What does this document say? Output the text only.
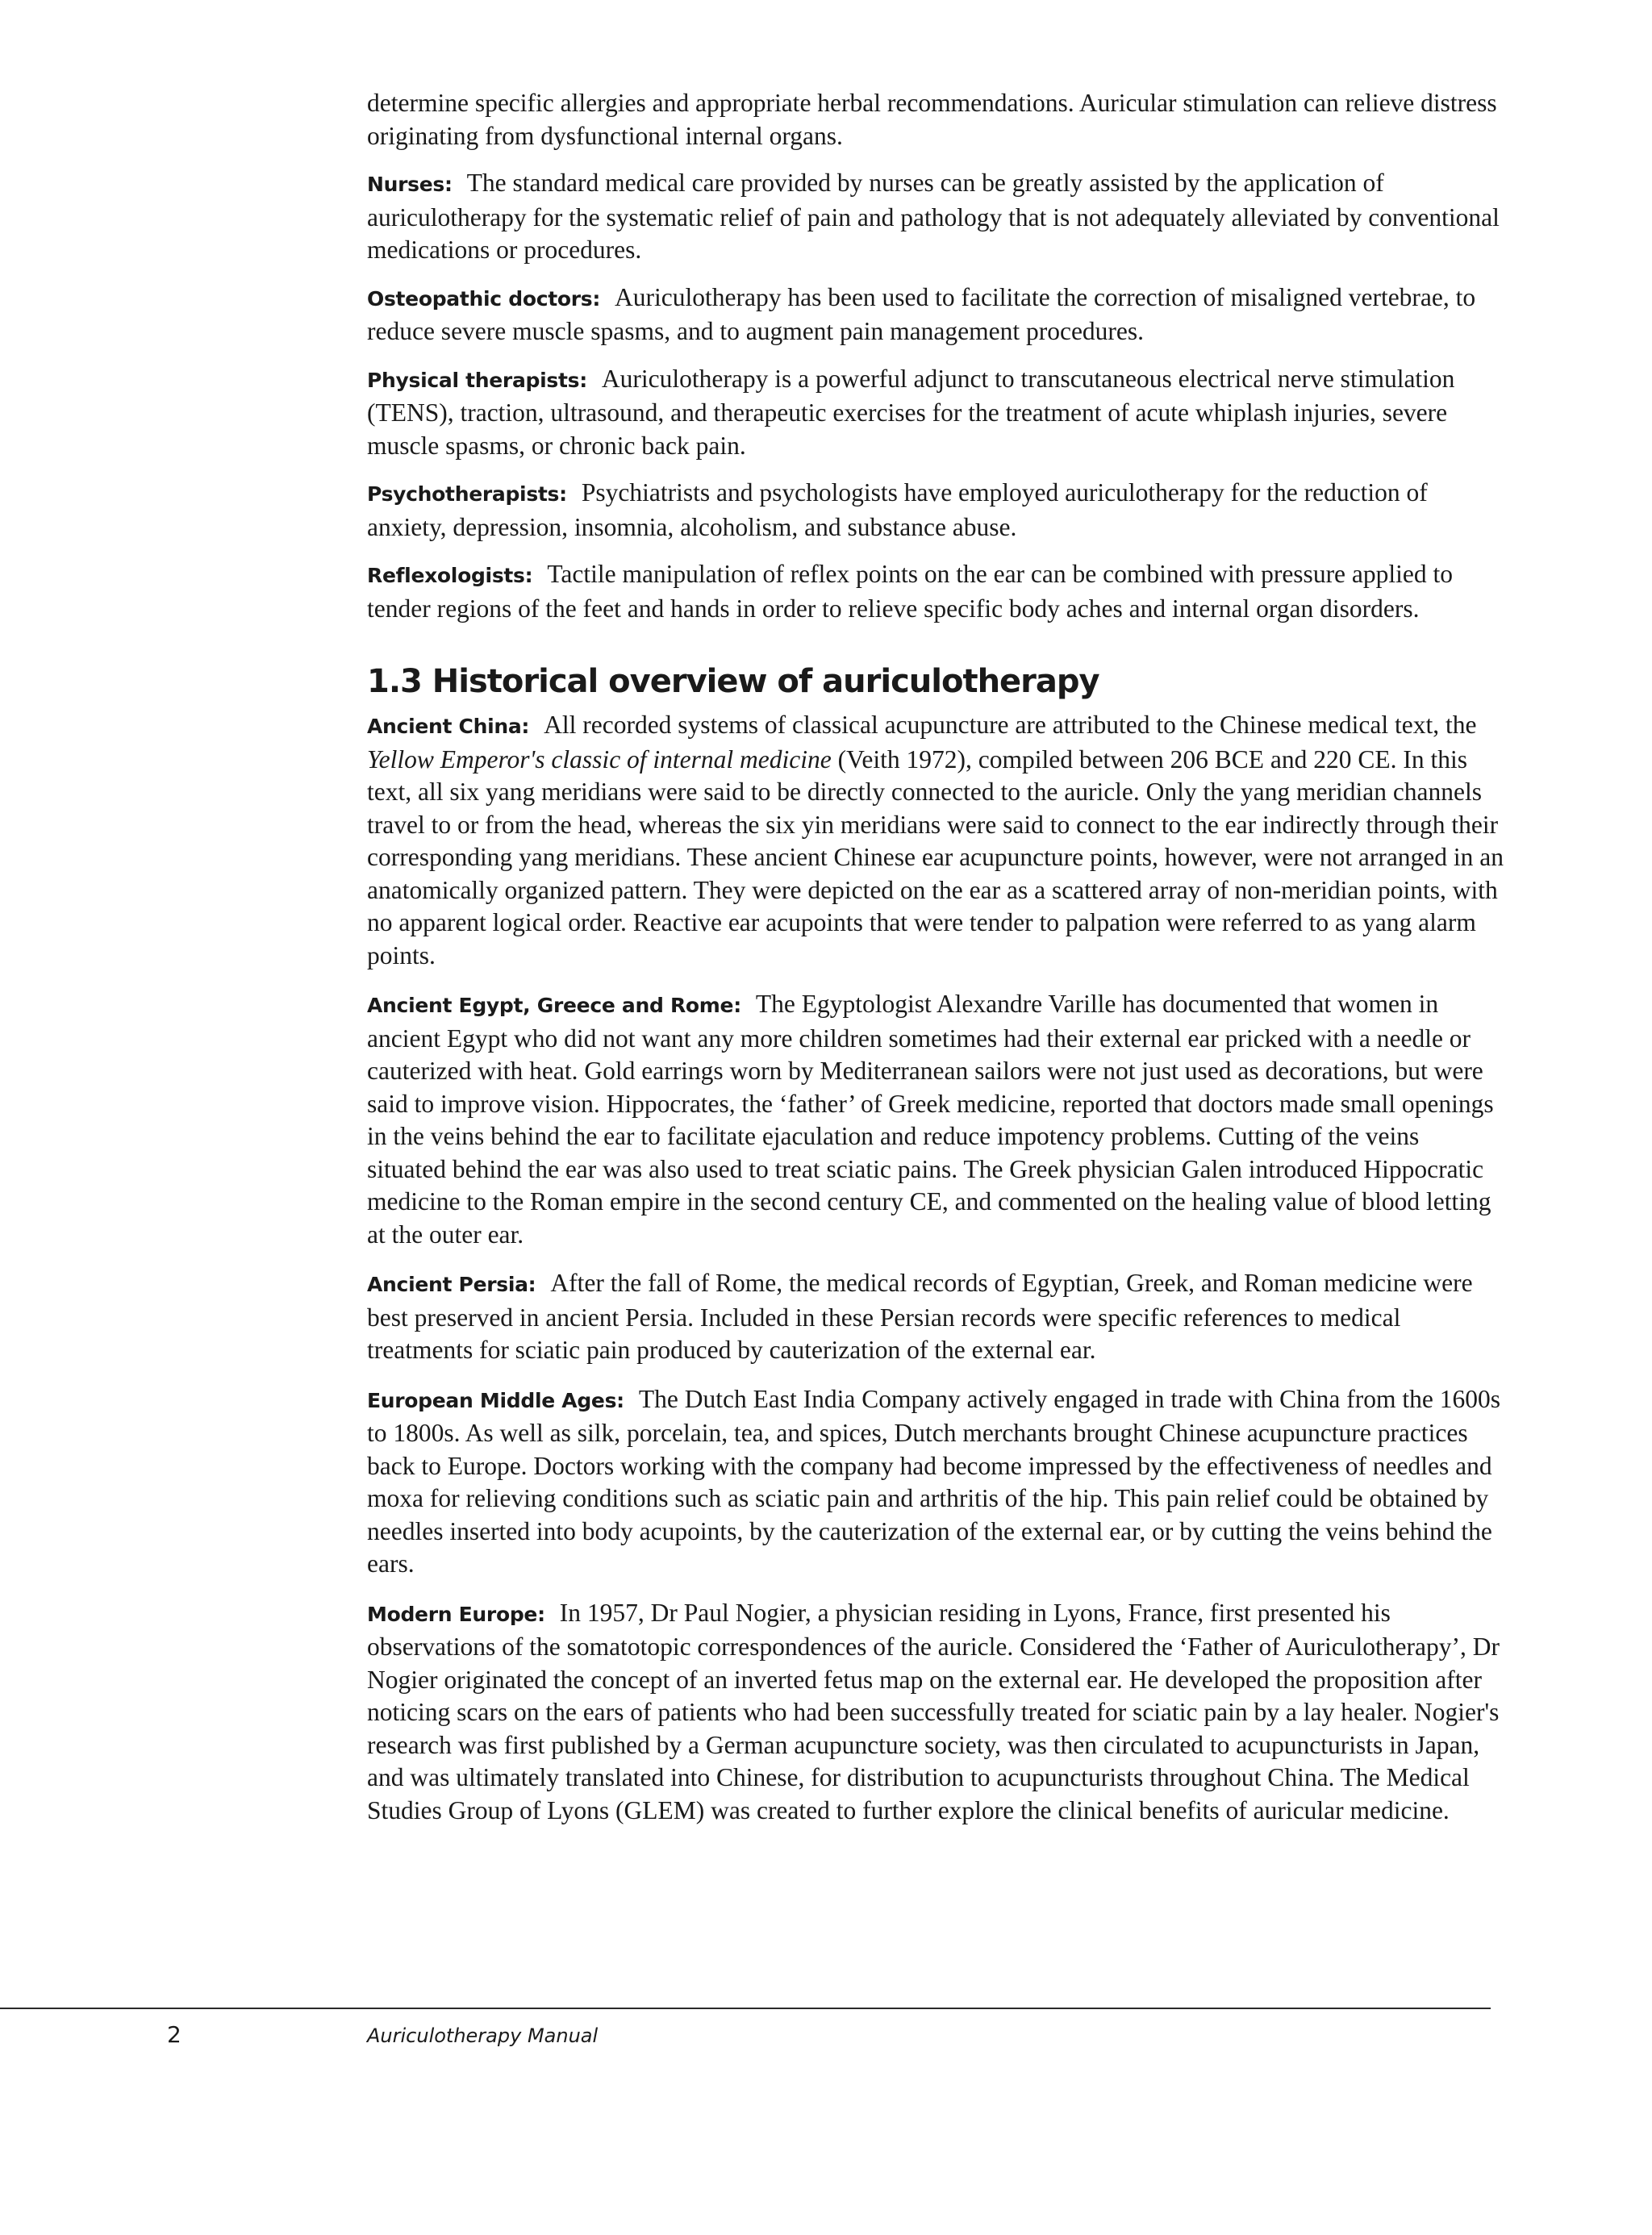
determine specific allergies and appropriate herbal recommendations. Auricular stimulation can relieve distress originating from dysfunctional internal organs.

Nurses: The standard medical care provided by nurses can be greatly assisted by the application of auriculotherapy for the systematic relief of pain and pathology that is not adequately alleviated by conventional medications or procedures.

Osteopathic doctors: Auriculotherapy has been used to facilitate the correction of misaligned vertebrae, to reduce severe muscle spasms, and to augment pain management procedures.

Physical therapists: Auriculotherapy is a powerful adjunct to transcutaneous electrical nerve stimulation (TENS), traction, ultrasound, and therapeutic exercises for the treatment of acute whiplash injuries, severe muscle spasms, or chronic back pain.

Psychotherapists: Psychiatrists and psychologists have employed auriculotherapy for the reduction of anxiety, depression, insomnia, alcoholism, and substance abuse.

Reflexologists: Tactile manipulation of reflex points on the ear can be combined with pressure applied to tender regions of the feet and hands in order to relieve specific body aches and internal organ disorders.

1.3 Historical overview of auriculotherapy

Ancient China: All recorded systems of classical acupuncture are attributed to the Chinese medical text, the Yellow Emperor's classic of internal medicine (Veith 1972), compiled between 206 BCE and 220 CE. In this text, all six yang meridians were said to be directly connected to the auricle. Only the yang meridian channels travel to or from the head, whereas the six yin meridians were said to connect to the ear indirectly through their corresponding yang meridians. These ancient Chinese ear acupuncture points, however, were not arranged in an anatomically organized pattern. They were depicted on the ear as a scattered array of non-meridian points, with no apparent logical order. Reactive ear acupoints that were tender to palpation were referred to as yang alarm points.

Ancient Egypt, Greece and Rome: The Egyptologist Alexandre Varille has documented that women in ancient Egypt who did not want any more children sometimes had their external ear pricked with a needle or cauterized with heat. Gold earrings worn by Mediterranean sailors were not just used as decorations, but were said to improve vision. Hippocrates, the ‘father’ of Greek medicine, reported that doctors made small openings in the veins behind the ear to facilitate ejaculation and reduce impotency problems. Cutting of the veins situated behind the ear was also used to treat sciatic pains. The Greek physician Galen introduced Hippocratic medicine to the Roman empire in the second century CE, and commented on the healing value of blood letting at the outer ear.

Ancient Persia: After the fall of Rome, the medical records of Egyptian, Greek, and Roman medicine were best preserved in ancient Persia. Included in these Persian records were specific references to medical treatments for sciatic pain produced by cauterization of the external ear.

European Middle Ages: The Dutch East India Company actively engaged in trade with China from the 1600s to 1800s. As well as silk, porcelain, tea, and spices, Dutch merchants brought Chinese acupuncture practices back to Europe. Doctors working with the company had become impressed by the effectiveness of needles and moxa for relieving conditions such as sciatic pain and arthritis of the hip. This pain relief could be obtained by needles inserted into body acupoints, by the cauterization of the external ear, or by cutting the veins behind the ears.

Modern Europe: In 1957, Dr Paul Nogier, a physician residing in Lyons, France, first presented his observations of the somatotopic correspondences of the auricle. Considered the ‘Father of Auriculotherapy’, Dr Nogier originated the concept of an inverted fetus map on the external ear. He developed the proposition after noticing scars on the ears of patients who had been successfully treated for sciatic pain by a lay healer. Nogier's research was first published by a German acupuncture society, was then circulated to acupuncturists in Japan, and was ultimately translated into Chinese, for distribution to acupuncturists throughout China. The Medical Studies Group of Lyons (GLEM) was created to further explore the clinical benefits of auricular medicine.

2	Auriculotherapy Manual
